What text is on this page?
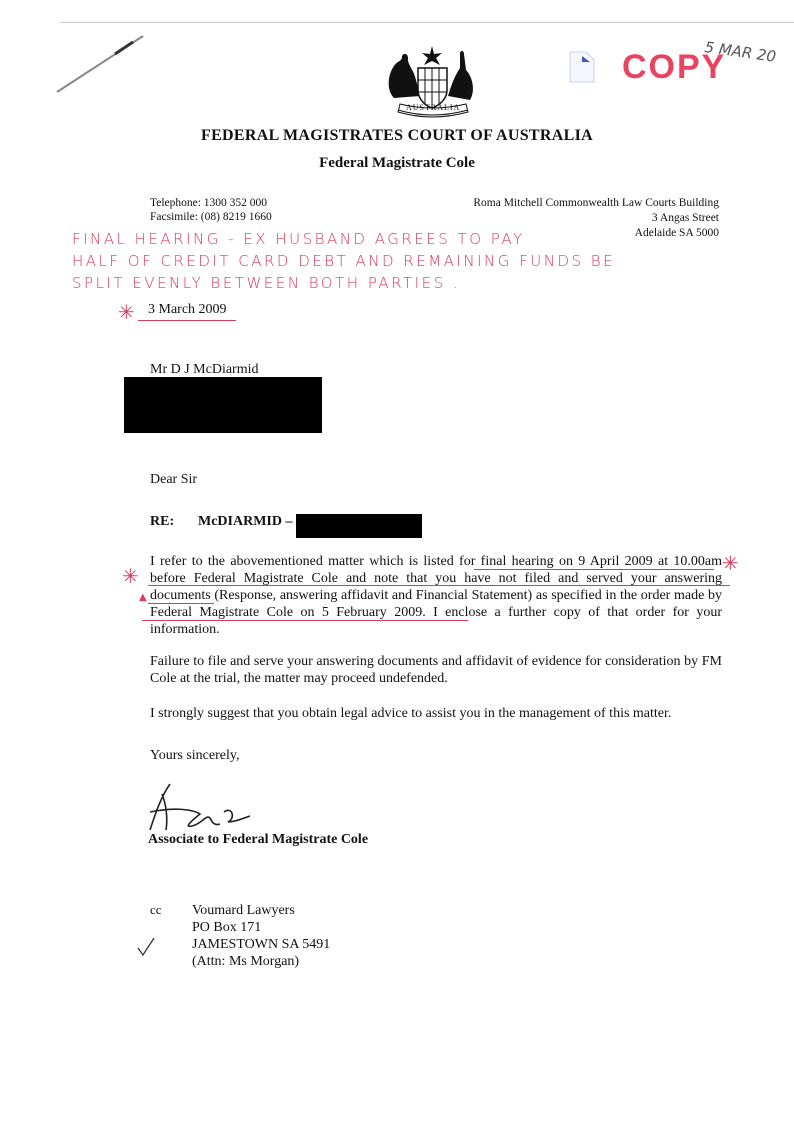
AUSTRALIA
COPY
5 MAR 20
FEDERAL MAGISTRATES COURT OF AUSTRALIA
Federal Magistrate Cole
Telephone: 1300 352 000
Facsimile: (08) 8219 1660
Roma Mitchell Commonwealth Law Courts Building
3 Angas Street
Adelaide SA 5000
FINAL HEARING - EX HUSBAND AGREES TO PAY
HALF OF CREDIT CARD DEBT AND REMAINING FUNDS BE
SPLIT EVENLY BETWEEN BOTH PARTIES .
✳ 3 March 2009
Mr D J McDiarmid
Dear Sir
RE: McDIARMID –
I refer to the abovementioned matter which is listed for final hearing on 9 April 2009 at 10.00am before Federal Magistrate Cole and note that you have not filed and served your answering documents (Response, answering affidavit and Financial Statement) as specified in the order made by Federal Magistrate Cole on 5 February 2009. I enclose a further copy of that order for your information.
✳
✳
▲
Failure to file and serve your answering documents and affidavit of evidence for consideration by FM Cole at the trial, the matter may proceed undefended.
I strongly suggest that you obtain legal advice to assist you in the management of this matter.
Yours sincerely,
Associate to Federal Magistrate Cole
cc Voumard Lawyers
PO Box 171
JAMESTOWN SA 5491
(Attn: Ms Morgan)
